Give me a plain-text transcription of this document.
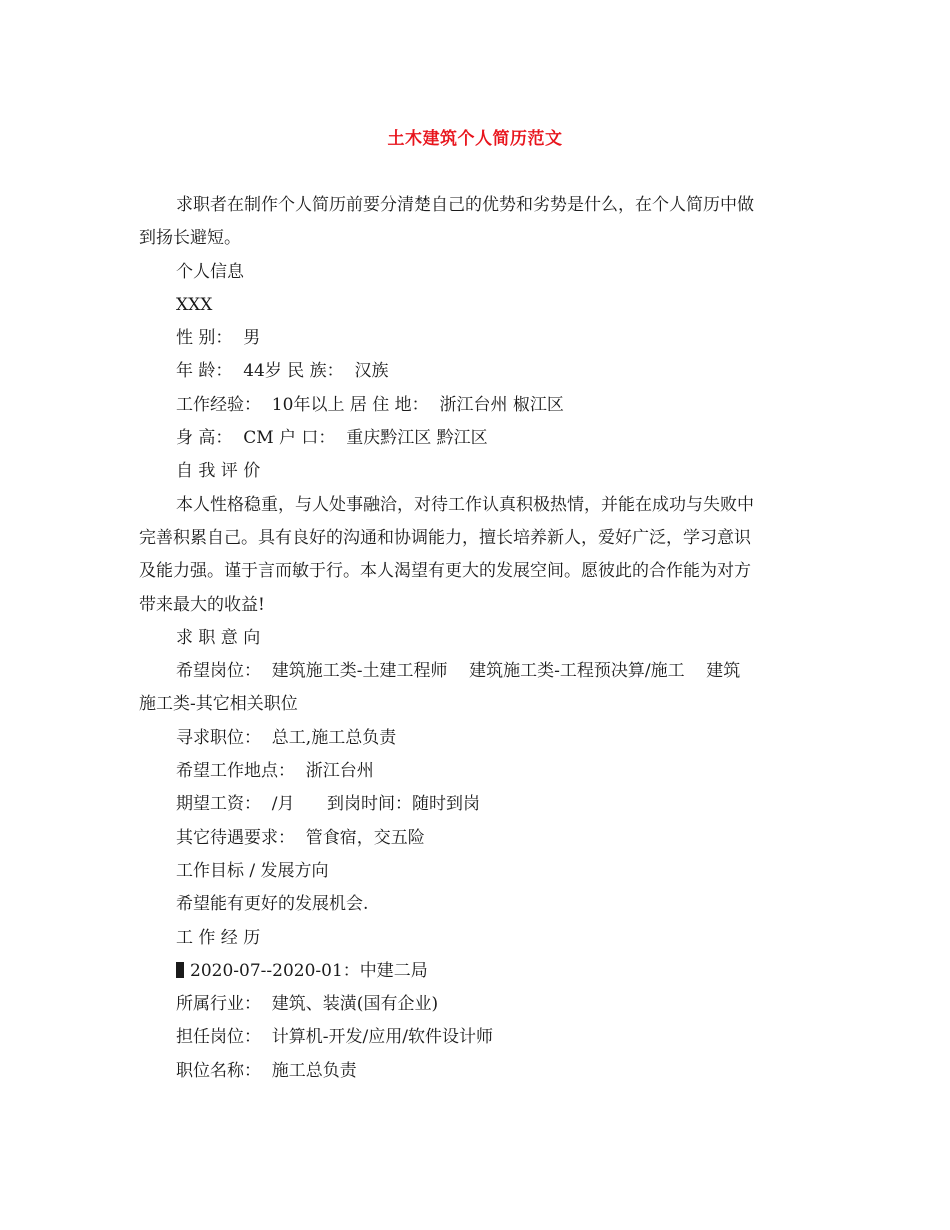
土木建筑个人简历范文
求职者在制作个人简历前要分清楚自己的优势和劣势是什么，在个人简历中做
到扬长避短。
个人信息
XXX
性 别：  男
年 龄：  44岁 民 族：  汉族
工作经验：  10年以上 居 住 地：  浙江台州 椒江区
身 高：  CM 户 口：  重庆黔江区 黔江区
自 我 评 价
本人性格稳重，与人处事融洽，对待工作认真积极热情，并能在成功与失败中
完善积累自己。具有良好的沟通和协调能力，擅长培养新人，爱好广泛，学习意识
及能力强。谨于言而敏于行。本人渴望有更大的发展空间。愿彼此的合作能为对方
带来最大的收益!
求 职 意 向
希望岗位：  建筑施工类-土建工程师    建筑施工类-工程预决算/施工    建筑
施工类-其它相关职位
寻求职位：  总工,施工总负责
希望工作地点：  浙江台州
期望工资：  /月      到岗时间：随时到岗
其它待遇要求：  管食宿，交五险
工作目标 / 发展方向
希望能有更好的发展机会.
工 作 经 历
2020-07--2020-01：中建二局
所属行业：  建筑、装潢(国有企业)
担任岗位：  计算机-开发/应用/软件设计师
职位名称：  施工总负责
